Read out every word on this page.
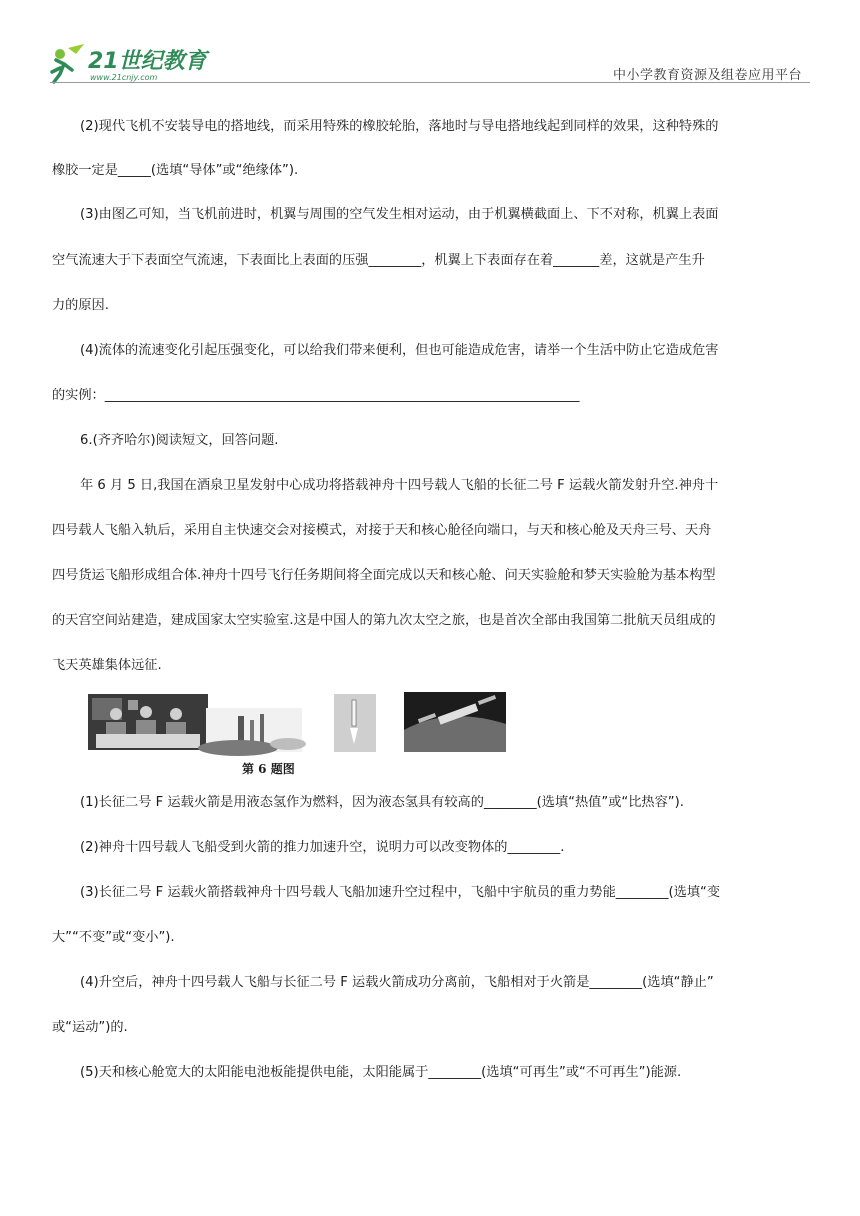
21世纪教育
www.21cnjy.com	中小学教育资源及组卷应用平台
(2)现代飞机不安装导电的搭地线，而采用特殊的橡胶轮胎，落地时与导电搭地线起到同样的效果，这种特殊的
橡胶一定是_____(选填“导体”或“绝缘体”).
(3)由图乙可知，当飞机前进时，机翼与周围的空气发生相对运动，由于机翼横截面上、下不对称，机翼上表面
空气流速大于下表面空气流速，下表面比上表面的压强________，机翼上下表面存在着_______差，这就是产生升
力的原因.
(4)流体的流速变化引起压强变化，可以给我们带来便利，但也可能造成危害，请举一个生活中防止它造成危害
的实例：________________________________________________________________________
6.(齐齐哈尔)阅读短文，回答问题.
年 6 月 5 日,我国在酒泉卫星发射中心成功将搭载神舟十四号载人飞船的长征二号 F 运载火箭发射升空.神舟十
四号载人飞船入轨后，采用自主快速交会对接模式，对接于天和核心舱径向端口，与天和核心舱及天舟三号、天舟
四号货运飞船形成组合体.神舟十四号飞行任务期间将全面完成以天和核心舱、问天实验舱和梦天实验舱为基本构型
的天宫空间站建造，建成国家太空实验室.这是中国人的第九次太空之旅，也是首次全部由我国第二批航天员组成的
飞天英雄集体远征.
第 6 题图
(1)长征二号 F 运载火箭是用液态氢作为燃料，因为液态氢具有较高的________(选填“热值”或“比热容”).
(2)神舟十四号载人飞船受到火箭的推力加速升空，说明力可以改变物体的________.
(3)长征二号 F 运载火箭搭载神舟十四号载人飞船加速升空过程中，飞船中宇航员的重力势能________(选填“变
大”“不变”或“变小”).
(4)升空后，神舟十四号载人飞船与长征二号 F 运载火箭成功分离前，飞船相对于火箭是________(选填“静止”
或“运动”)的.
(5)天和核心舱宽大的太阳能电池板能提供电能，太阳能属于________(选填“可再生”或“不可再生”)能源.
